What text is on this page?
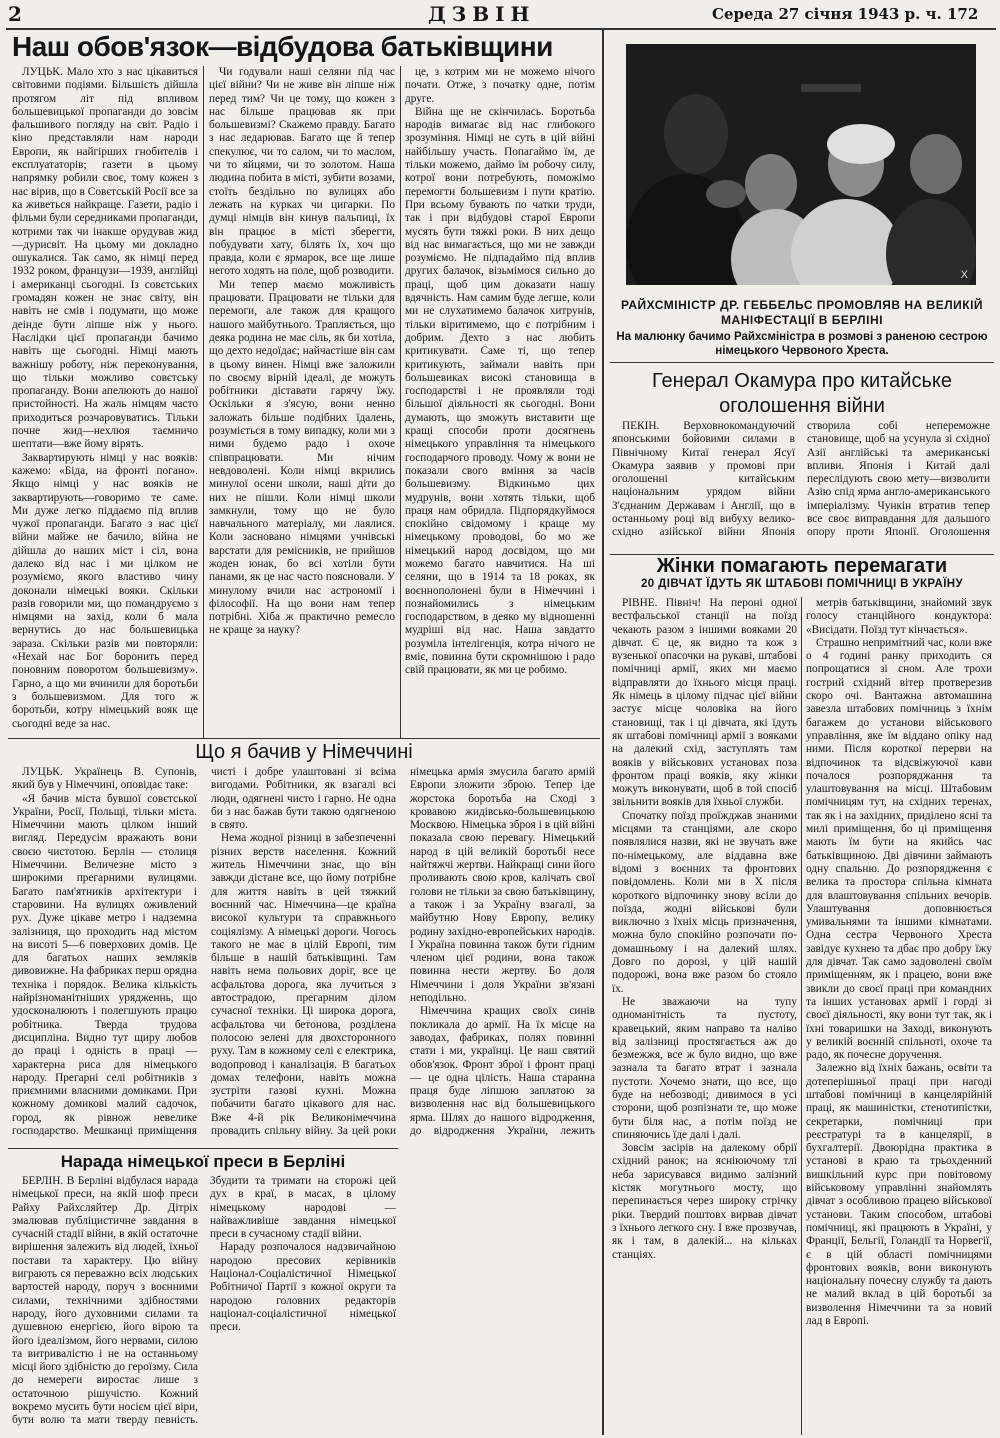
2	ДЗВІН	Середа 27 січня 1943 р. ч. 172
Наш обов'язок—відбудова батьківщини

ЛУЦЬК. Мало хто з нас цікавиться світовими подіями. Більшість дійшла протягом літ під впливом большевицької пропаганди до зовсім фальшивого погляду на світ. Радіо і кіно представляли нам народи Европи, як найгірших гнобителів і експлуататорів; газети в цьому напрямку робили своє, тому кожен з нас вірив, що в Совєтській Росії все за ка живеться найкраще. Газети, радіо і фільми були середниками пропаганди, котрими так чи інакше орудував жид—дурисвіт. На цьому ми докладно ошукалися. Так само, як німці перед 1932 роком, французи—1939, англійці і американці сьогодні. Із совєтських громадян кожен не знає світу, він навіть не смів і подумати, що може деінде бути ліпше ніж у нього. Наслідки цієї пропаганди бачимо навіть ще сьогодні. Німці мають важнішу роботу, ніж переконування, що тільки можливо совєтську пропаганду. Вони апелюють до нашої пристойності. На жаль німцям часто приходиться розчаровуватись. Тільки почне жид—нехлюя таємничо шептати—вже йому вірять.

Заквартирують німці у нас вояків: кажемо: «Біда, на фронті погано». Якщо німці у нас вояків не заквартирують—говоримо те саме. Ми дуже легко піддаємо під вплив чужої пропаганди. Багато з нас цієї війни майже не бачило, війна не дійшла до наших міст і сіл, вона далеко від нас і ми цілком не розуміємо, якого властиво чину доконали німецькі вояки. Скільки разів говорили ми, що помандруємо з німцями на захід, коли б мала вернутись до нас большевицька зараза. Скільки разів ми повторяли: «Нехай нас Бог боронить перед поновним поворотом большевизму». Гарно, а що ми вчинили для боротьби з большевизмом. Для того ж боротьби, котру німецький вояк ще сьогодні веде за нас.

Чи годували наші селяни під час цієї війни? Чи не живе він ліпше ніж перед тим? Чи це тому, що кожен з нас більше працював як при большевизмі? Скажемо правду. Багато з нас ледарював. Багато ще й тепер спекулює, чи то салом, чи то маслом, чи то яйцями, чи то золотом. Наша людина побита в місті, зубити возами, стоїть бездільно по вулицях або лежать на курках чи цигарки. По думці німців він кинув пальпиці, їх він працює в місті зберегти, побудувати хату, білять їх, хоч що правда, коли є ярмарок, все ще лише негото ходять на поле, щоб розводити.

Ми тепер маємо можливість працювати. Працювати не тільки для перемоги, але також для кращого нашого майбутнього. Трапляється, що деяка родина не має сіль, як би хотіла, що дехто недоїдає; найчастіше він сам в цьому винен. Німці вже заложили по своєму вірній ідеалі, де можуть робітники діставати гарячу їжу. Оскільки я з'ясую, вони ненно заложать більше подібних їдалень, розуміється в тому випадку, коли ми з ними будемо радо і охоче співпрацювати. Ми нічим невдоволені. Коли німці вкрились минулої осени школи, наші діти до них не пішли. Коли німці школи замкнули, тому що не було навчального матеріалу, ми лаялися. Коли засновано німцями учнівські варстати для ремісників, не прийшов жоден юнак, бо всі хотіли бути панами, як це нас часто поясновали. У минулому вчили нас астрономії і філософії. На що вони нам тепер потрібні. Хіба ж практично ремесло не краще за науку?

це, з котрим ми не можемо нічого почати. Отже, з початку одне, потім друге.

Війна ще не скінчилась. Боротьба народів вимагає від нас глибокого зрозуміння. Німці не суть в цій війні найбільшу участь. Попагаймо їм, де тільки можемо, даймо їм робочу силу, котрої вони потребують, поможімо перемогти большевизм і пути кратію. При всьому бувають по чатки труди, так і при відбудові старої Европи мусять бути тяжкі роки. В них дещо від нас вимагається, що ми не завжди розуміємо. Не підпадаймо під вплив других балачок, візьмімося сильно до праці, щоб цим доказати нашу вдячність. Нам самим буде легше, коли ми не слухатимемо балачок хитрунів, тільки віритимемо, що є потрібним і добрим. Дехто з нас любить критикувати. Саме ті, що тепер критикують, займали навіть при большевиках високі становища в господарстві і не проявляли тоді більшої діяльності як сьогодні. Вони думають, що зможуть виставити ще кращі способи проти досягнень німецького управління та німецького господарчого проводу. Чому ж вони не показали свого вміння за часів большевизму. Відкиньмо цих мудрунів, вони хотять тільки, щоб праця нам обридла. Підпорядкуймося спокійно свідомому і краще му німецькому проводові, бо мо же німецький народ досвідом, що ми можемо багато навчитися. На ші селяни, що в 1914 та 18 роках, як воєннополонені були в Німеччині і познайомились з німецьким господарством, в деяко му відношенні мудріші від нас. Наша завдатто розуміла інтелігенція, котра нічого не вміє, повинна бути скромнішою і радо свій працювати, як ми це робимо.

X
РАЙХСМІНІСТР ДР. ГЕББЕЛЬС ПРОМОВЛЯВ НА ВЕЛИКІЙ МАНІФЕСТАЦІЇ В БЕРЛІНІ
На малюнку бачимо Райхсміністра в розмові з раненою сестрою німецького Червоного Хреста.
Генерал Окамура про китайське оголошення війни

ПЕКІН. Верховнокомандуючий японськими бойовими силами в Північному Китаї генерал Ясуї Окамура заявив у промові при оголошенні китайським національним урядом війни З'єднаним Державам і Англії, що в останньому році від вибуху велико-східно азійської війни Японія створила собі непереможне становище, щоб на усунула зі східної Азії англійські та американські впливи. Японія і Китай далі переслідують свою мету—визволити Азію спід ярма англо-американського імперіалізму. Чункін втратив тепер все своє виправдання для дальшого опору проти Японії. Оголошення

Жінки помагають перемагати
20 ДІВЧАТ ЇДУТЬ ЯК ШТАБОВІ ПОМІЧНИЦІ В УКРАЇНУ

РІВНЕ. Північ! На пероні одної вестфальської станції на поїзд чекають разом з іншими вояками 20 дівчат. Є це, як видно та кож з вузенької опасочки на рукаві, штабові помічниці армії, яких ми маємо відправляти до їхнього місця праці. Як німець в цілому підчас цієї війни застує місце чоловіка на його становищі, так і ці дівчата, які їдуть як штабові помічниці армії з вояками на далекий схід, заступлять там вояків у військових установах поза фронтом праці вояків, яку жінки можуть виконувати, щоб в той спосіб звільнити вояків для їхньої служби.

Спочатку поїзд проїжджав знаними місцями та станціями, але скоро появлялися назви, які не звучать вже по-німецькому, але віддавна вже відомі з воєнних та фронтових повідомлень. Коли ми в Х після короткого відпочинку знову всіли до поїзда, жодні військові були виключно з їхніх місць призначення, можна було спокійно розпочати по-домашньому і на далекий шлях. Довго по дорозі, у цій нашій подорожі, вона вже разом бо стояло їх.

Не зважаючи на тупу одноманітність та пустоту, кравецький, яким направо та наліво від залізниці простягається аж до безмежжя, все ж було видно, що вже зазнала та багато втрат і зазнала пустоти. Хочемо знати, що все, що буде на небозводі; дивимося в усі сторони, щоб розпізнати те, що може бути біля нас, а потім поїзд не спиняючись їде далі і далі.

Зовсім засірів на далекому обрії східний ранок; на ясніюючому тлі неба зарисувався видимо залізний кістяк могутнього мосту, що перепинається через широку стрічку ріки. Твердий поштовх вирвав дівчат з їхнього легкого сну. І вже прозвучав, як і там, в далекій... на кільках станціях.

метрів батьківщини, знайомий звук голосу станційного кондуктора: «Висідати. Поїзд тут кінчається».

Страшно непримітний час, коли вже о 4 годині ранку приходить ся попрощатися зі сном. Але трохи гострий східний вітер протверезив скоро очі. Вантажна автомашина завезла штабових помічниць з їхнім багажем до установи військового управління, яке їм віддано опіку над ними. Після короткої перерви на відпочинок та відсвіжуючої кави почалося розпоряджання та улаштовування на місці. Штабовим помічницям тут, на східних теренах, так як і на західних, приділено ясні та милі приміщення, бо ці приміщення мають їм бути на якийсь час батьківщиною. Дві дівчини займають одну спальню. До розпорядження є велика та простора спільна кімната для влаштовування спільних вечорів. Улаштування доповнюється умивальнями та іншими кімнатами. Одна сестра Червоного Хреста завідує кухнею та дбає про добру їжу для дівчат. Так само задоволені своїм приміщенням, як і працею, вони вже звикли до своєї праці при командних та інших установах армії і горді зі своєї діяльності, яку вони тут так, як і їхні товаришки на Заході, виконують у великій воєнній спільноті, охоче та радо, як почесне доручення.

Залежно від їхніх бажань, освіти та дотеперішньої праці при нагоді штабові помічниці в канцелярійній праці, як машиністки, стенотипістки, секретарки, помічниці при реєстратурі та в канцелярії, в бухгалтерії. Двоюрідна практика в установі в краю та трьохденний вишкільний курс при повітовому військовому управлінні знайомлять дівчат з особливою працею військової установи. Таким способом, штабові помічниці, які працюють в Україні, у Франції, Бельгії, Голандії та Норвегії, є в цій області помічницями фронтових вояків, вони виконують національну почесну службу та дають не малий вклад в цій боротьбі за визволення Німеччини та за новий лад в Европі.

Що я бачив у Німеччині

ЛУЦЬК. Українець В. Супонів, який був у Німеччині, оповідає таке:

«Я бачив міста бувшої совєтської України, Росії, Польщі, тільки міста. Німеччини мають цілком інший вигляд. Передусім вражають вони своєю чистотою. Берлін — столиця Німеччини. Величезне місто з широкими прегарними вулицями. Багато пам'ятників архітектури і старовини. На вулицях оживлений рух. Дуже цікаве метро і надземна залізниця, що проходить над містом на висоті 5—6 поверхових домів. Це для багатьох наших земляків дивовижне. На фабриках перш орядна техніка і порядок. Велика кількість найрізноманітніших урядженнь, що удосконалюють і полегшують працю робітника. Тверда трудова дисципліна. Видно тут щиру любов до праці і одність в праці — характерна риса для німецького народу. Прегарні селі робітників з приємними власними домиками. При кожному домикові малий садочок, город, як рівнож невелике господарство. Мешканці приміщення чисті і добре улаштовані зі всіма вигодами. Робітники, як взагалі всі люди, одягнені чисто і гарно. Не одна би з нас бажав бути такою одягненою в свято.

Нема жодної різниці в забезпеченні різних верств населення. Кожний житель Німеччини знає, що він завжди дістане все, що йому потрібне для життя навіть в цей тяжкий воєнний час. Німеччина—це країна високої культури та справжнього соціялізму. А німецькі дороги. Чогось такого не має в цілій Европі, тим більше в нашій батьківщині. Там навіть нема польових доріг, все це асфальтова дорога, яка лучиться з автострадою, прегарним ділом сучасної техніки. Ці широка дорога, асфальтова чи бетонова, розділена полосою зелені для двохсторонного руху. Там в кожному селі є електрика, водопровод і каналізація. В багатьох домах телефони, навіть можна зустріти газові кухні. Можна побачити багато цікавого для нас. Вже 4-й рік Великонімеччина провадить спільну війну. За цей роки німецька армія змусила багато армій Европи зложити зброю. Тепер іде жорстока боротьба на Сході з кровавою жидівсько-большевицькою Москвою. Німецька зброя і в цій війні показала свою перевагу. Німецький народ в цій великій боротьбі несе найтяжчі жертви. Найкращі сини його проливають свою кров, калічать свої голови не тільки за свою батьківщину, а також і за Україну взагалі, за майбутню Нову Европу, велику родину західно-европейських народів. І Україна повинна також бути гідним членом цієї родини, вона також повинна нести жертву. Бо доля Німеччини і доля України зв'язані неподільно.

Німеччина кращих своїх синів покликала до армії. На їх місце на заводах, фабриках, полях повинні стати і ми, українці. Це наш святий обов'язок. Фронт зброї і фронт праці — це одна цілість. Наша старанна праця буде ліпшою заплатою за визволення нас від большевицького ярма. Шлях до нашого відродження, до відродження України, лежить

Нарада німецької преси в Берліні

БЕРЛІН. В Берліні відбулася нарада німецької преси, на якій шоф преси Райху Райхсляйтер Др. Дітріх змалював публіцистичне завдання в сучасній стадії війни, в якій остаточне вирішення залежить від людей, їхньої постави та характеру. Цю війну виграють ся переважно всіх людських вартостей народу, поруч з воєнними силами, технічними здібностями народу, його духовними силами та душевною енергією, його вірою та його ідеалізмом, його нервами, силою та витривалістю і не на останньому місці його здібністю до героїзму. Сила до немереги виростає лише з остаточною рішучістю. Кожний вокремо мусить бути носієм цієї віри, бути волю та мати тверду певність. Збудити та тримати на сторожі цей дух в краї, в масах, в цілому німецькому народові — найважливіше завдання німецької преси в сучасному стадії війни.

Нараду розпочалося надзвичайною народою пресових керівників Націонал-Соціалістичної Німецької Робітничої Партії з кожної округи та народою головних редакторів націонал-соціалістичної німецької преси.
